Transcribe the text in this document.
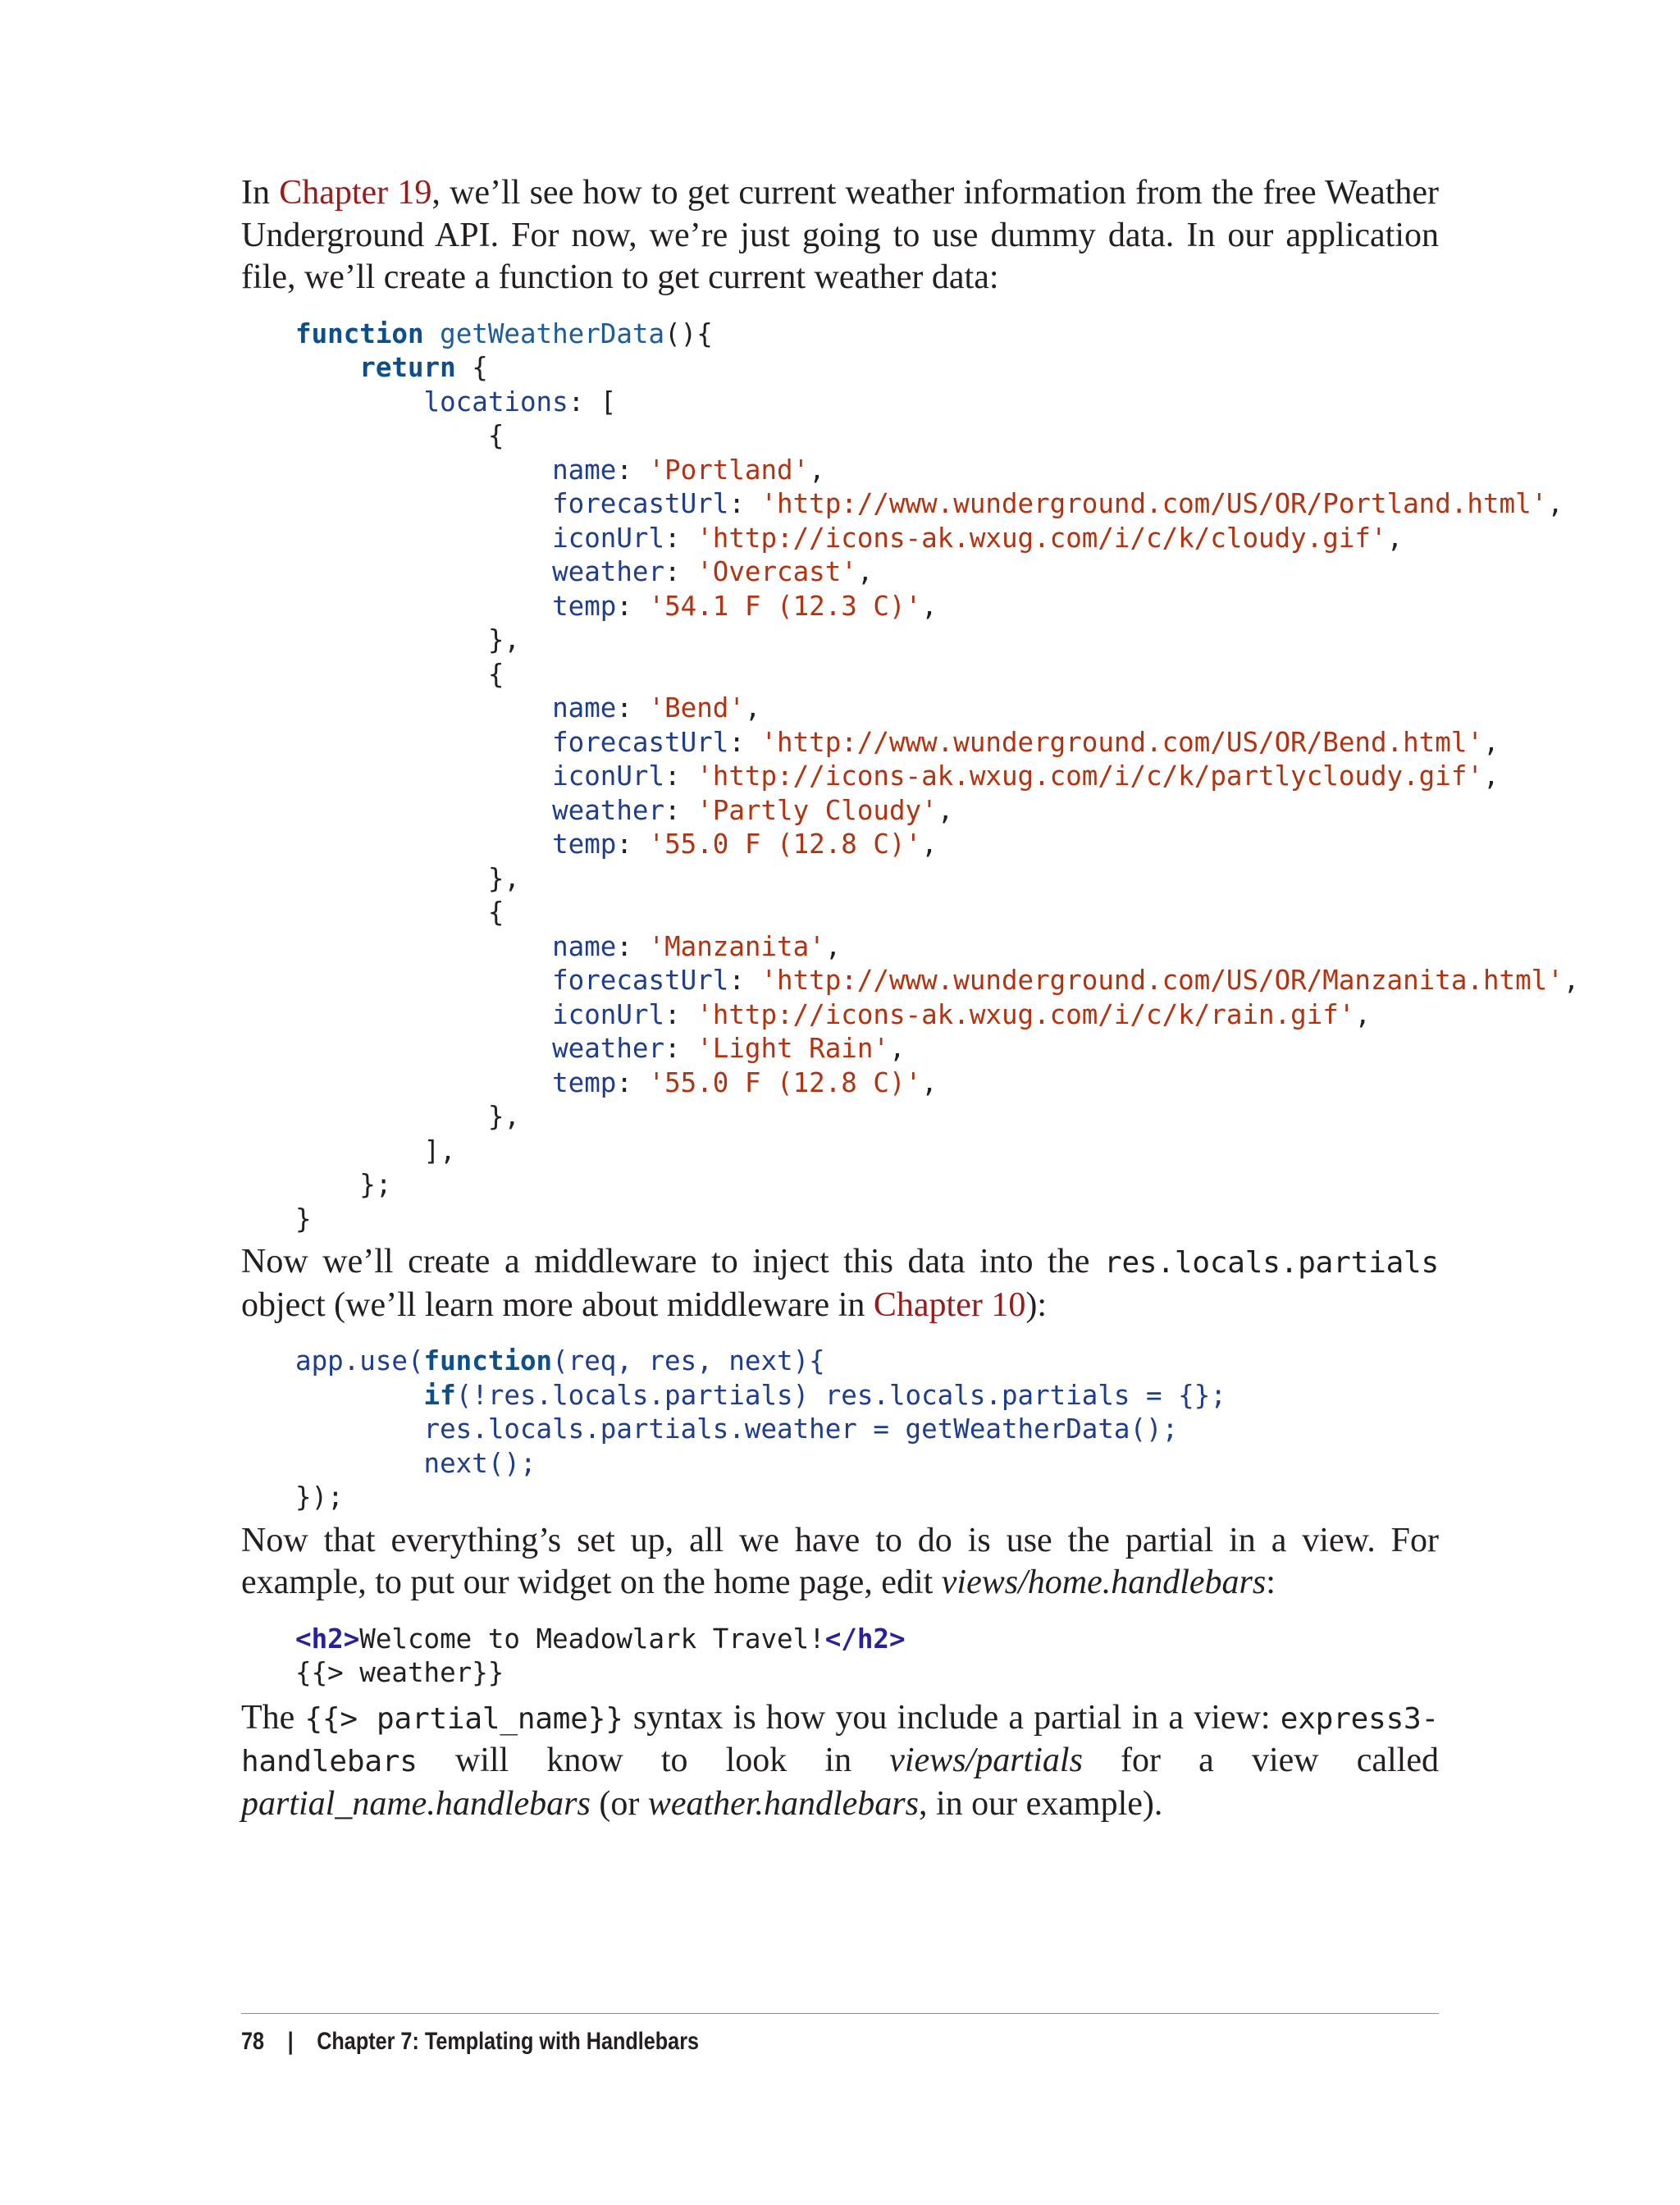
In Chapter 19, we’ll see how to get current weather information from the free Weather Underground API. For now, we’re just going to use dummy data. In our application file, we’ll create a function to get current weather data:

function getWeatherData(){
return {
locations: [
{
name: 'Portland',
forecastUrl: 'http://www.wunderground.com/US/OR/Portland.html',
iconUrl: 'http://icons-ak.wxug.com/i/c/k/cloudy.gif',
weather: 'Overcast',
temp: '54.1 F (12.3 C)',
},
{
name: 'Bend',
forecastUrl: 'http://www.wunderground.com/US/OR/Bend.html',
iconUrl: 'http://icons-ak.wxug.com/i/c/k/partlycloudy.gif',
weather: 'Partly Cloudy',
temp: '55.0 F (12.8 C)',
},
{
name: 'Manzanita',
forecastUrl: 'http://www.wunderground.com/US/OR/Manzanita.html',
iconUrl: 'http://icons-ak.wxug.com/i/c/k/rain.gif',
weather: 'Light Rain',
temp: '55.0 F (12.8 C)',
},
],
};
}

Now we’ll create a middleware to inject this data into the res.locals.partials object (we’ll learn more about middleware in Chapter 10):

app.use(function(req, res, next){
if(!res.locals.partials) res.locals.partials = {};
res.locals.partials.weather = getWeatherData();
next();
});

Now that everything’s set up, all we have to do is use the partial in a view. For example, to put our widget on the home page, edit views/home.handlebars:

<h2>Welcome to Meadowlark Travel!</h2>
{{> weather}}

The {{> partial_name}} syntax is how you include a partial in a view: express3-handlebars will know to look in views/partials for a view called partial_name.handlebars (or weather.handlebars, in our example).

78 | Chapter 7: Templating with Handlebars
